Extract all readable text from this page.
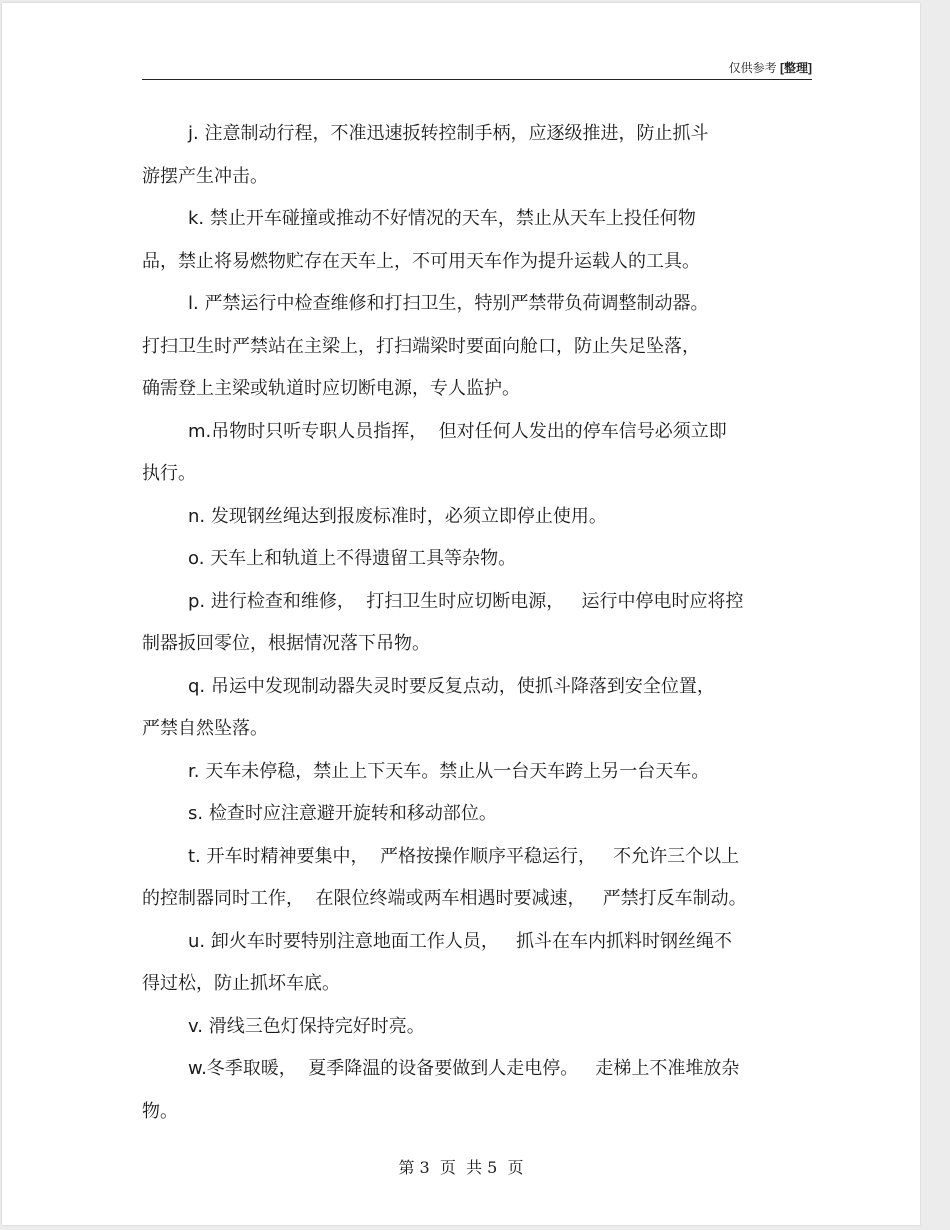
仅供参考 [整理]
j. 注意制动行程，不准迅速扳转控制手柄，应逐级推进，防止抓斗
游摆产生冲击。
k. 禁止开车碰撞或推动不好情况的天车，禁止从天车上投任何物
品，禁止将易燃物贮存在天车上，不可用天车作为提升运载人的工具。
l. 严禁运行中检查维修和打扫卫生，特别严禁带负荷调整制动器。
打扫卫生时严禁站在主梁上，打扫端梁时要面向舱口，防止失足坠落，
确需登上主梁或轨道时应切断电源，专人监护。
m.吊物时只听专职人员指挥，  但对任何人发出的停车信号必须立即
执行。
n. 发现钢丝绳达到报废标准时，必须立即停止使用。
o. 天车上和轨道上不得遗留工具等杂物。
p. 进行检查和维修，  打扫卫生时应切断电源，   运行中停电时应将控
制器扳回零位，根据情况落下吊物。
q. 吊运中发现制动器失灵时要反复点动，使抓斗降落到安全位置，
严禁自然坠落。
r. 天车未停稳，禁止上下天车。禁止从一台天车跨上另一台天车。
s. 检查时应注意避开旋转和移动部位。
t. 开车时精神要集中，  严格按操作顺序平稳运行，   不允许三个以上
的控制器同时工作，  在限位终端或两车相遇时要减速，   严禁打反车制动。
u. 卸火车时要特别注意地面工作人员，   抓斗在车内抓料时钢丝绳不
得过松，防止抓坏车底。
v. 滑线三色灯保持完好时亮。
w.冬季取暖，  夏季降温的设备要做到人走电停。   走梯上不准堆放杂
物。
第 3  页  共 5  页
